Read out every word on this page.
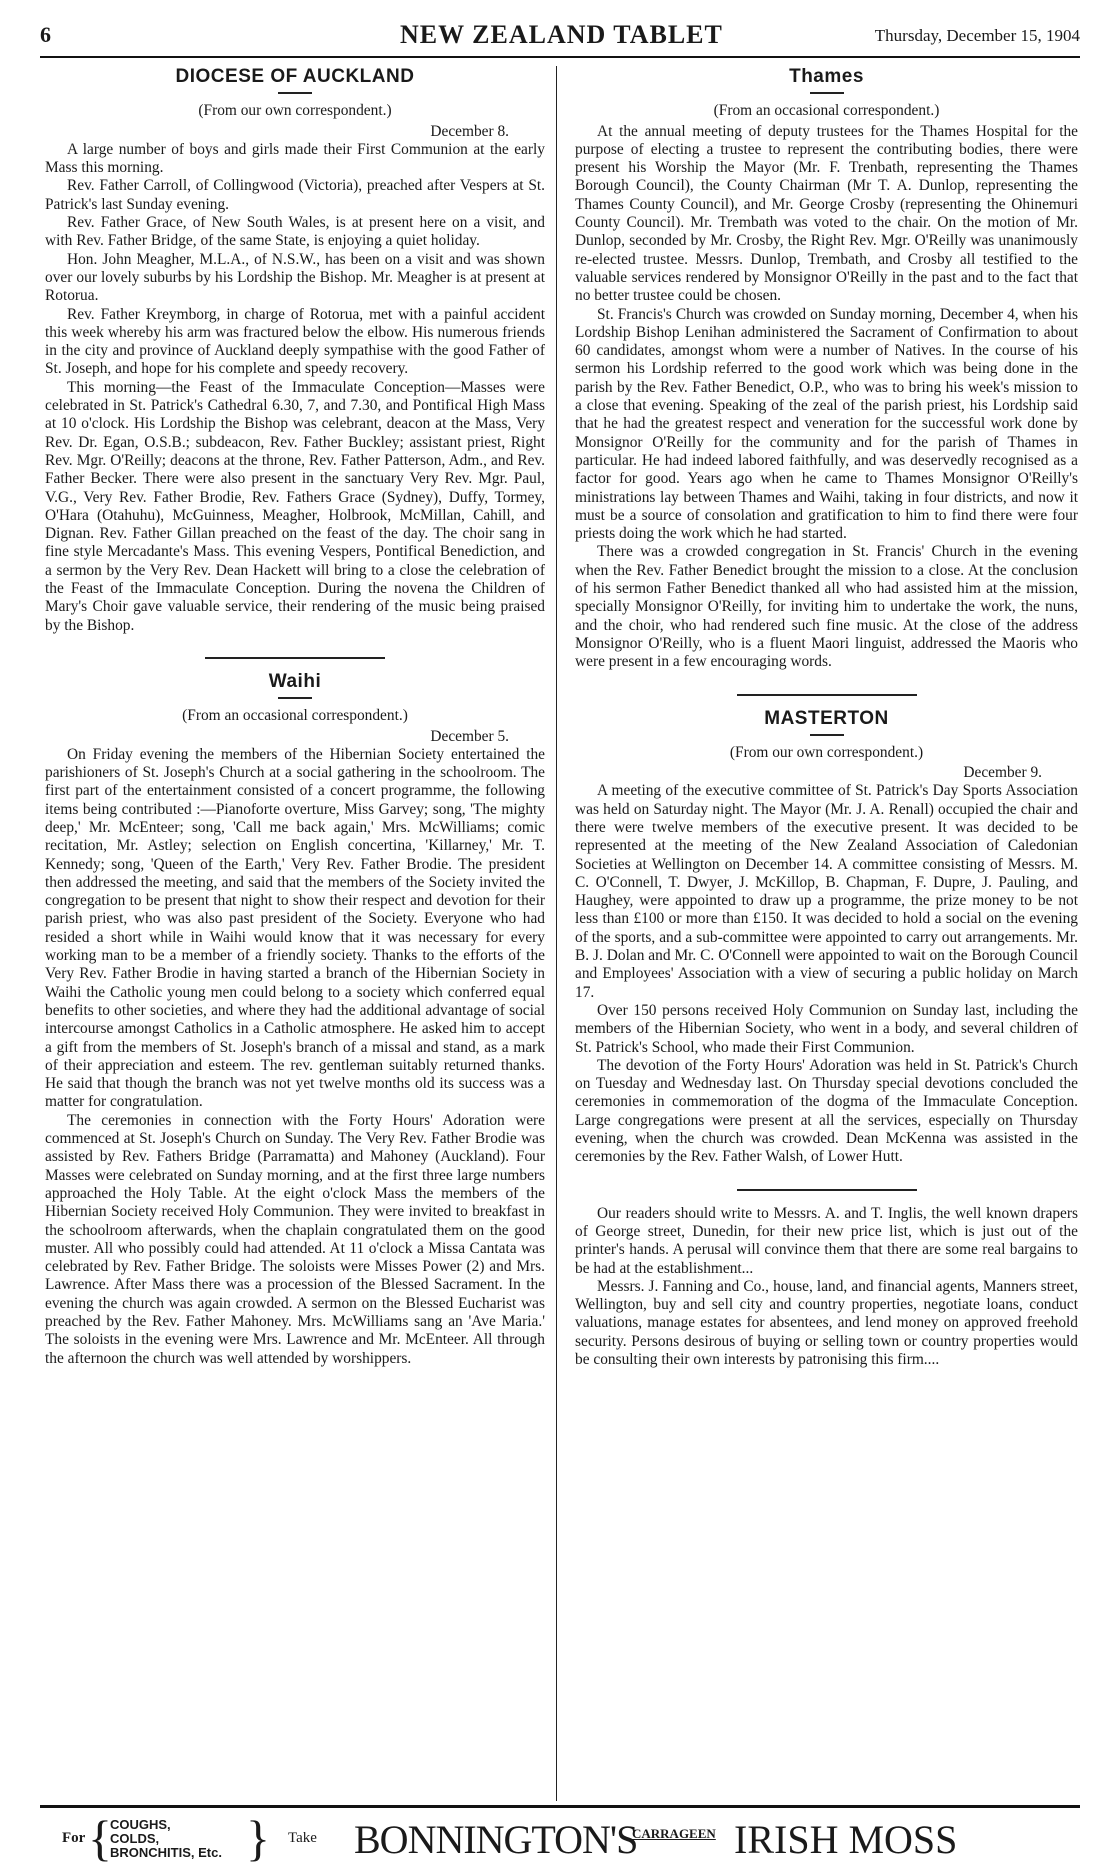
6	NEW ZEALAND TABLET	Thursday, December 15, 1904
DIOCESE OF AUCKLAND
(From our own correspondent.)
December 8.

A large number of boys and girls made their First Communion at the early Mass this morning.

Rev. Father Carroll, of Collingwood (Victoria), preached after Vespers at St. Patrick's last Sunday evening.

Rev. Father Grace, of New South Wales, is at present here on a visit, and with Rev. Father Bridge, of the same State, is enjoying a quiet holiday.

Hon. John Meagher, M.L.A., of N.S.W., has been on a visit and was shown over our lovely suburbs by his Lordship the Bishop. Mr. Meagher is at present at Rotorua.

Rev. Father Kreymborg, in charge of Rotorua, met with a painful accident this week whereby his arm was fractured below the elbow. His numerous friends in the city and province of Auckland deeply sympathise with the good Father of St. Joseph, and hope for his complete and speedy recovery.

This morning—the Feast of the Immaculate Conception—Masses were celebrated in St. Patrick's Cathedral 6.30, 7, and 7.30, and Pontifical High Mass at 10 o'clock. His Lordship the Bishop was celebrant, deacon at the Mass, Very Rev. Dr. Egan, O.S.B.; subdeacon, Rev. Father Buckley; assistant priest, Right Rev. Mgr. O'Reilly; deacons at the throne, Rev. Father Patterson, Adm., and Rev. Father Becker. There were also present in the sanctuary Very Rev. Mgr. Paul, V.G., Very Rev. Father Brodie, Rev. Fathers Grace (Sydney), Duffy, Tormey, O'Hara (Otahuhu), McGuinness, Meagher, Holbrook, McMillan, Cahill, and Dignan. Rev. Father Gillan preached on the feast of the day. The choir sang in fine style Mercadante's Mass. This evening Vespers, Pontifical Benediction, and a sermon by the Very Rev. Dean Hackett will bring to a close the celebration of the Feast of the Immaculate Conception. During the novena the Children of Mary's Choir gave valuable service, their rendering of the music being praised by the Bishop.

Waihi
(From an occasional correspondent.)
December 5.

On Friday evening the members of the Hibernian Society entertained the parishioners of St. Joseph's Church at a social gathering in the schoolroom. The first part of the entertainment consisted of a concert programme, the following items being contributed :—Pianoforte overture, Miss Garvey; song, 'The mighty deep,' Mr. McEnteer; song, 'Call me back again,' Mrs. McWilliams; comic recitation, Mr. Astley; selection on English concertina, 'Killarney,' Mr. T. Kennedy; song, 'Queen of the Earth,' Very Rev. Father Brodie. The president then addressed the meeting, and said that the members of the Society invited the congregation to be present that night to show their respect and devotion for their parish priest, who was also past president of the Society. Everyone who had resided a short while in Waihi would know that it was necessary for every working man to be a member of a friendly society. Thanks to the efforts of the Very Rev. Father Brodie in having started a branch of the Hibernian Society in Waihi the Catholic young men could belong to a society which conferred equal benefits to other societies, and where they had the additional advantage of social intercourse amongst Catholics in a Catholic atmosphere. He asked him to accept a gift from the members of St. Joseph's branch of a missal and stand, as a mark of their appreciation and esteem. The rev. gentleman suitably returned thanks. He said that though the branch was not yet twelve months old its success was a matter for congratulation.

The ceremonies in connection with the Forty Hours' Adoration were commenced at St. Joseph's Church on Sunday. The Very Rev. Father Brodie was assisted by Rev. Fathers Bridge (Parramatta) and Mahoney (Auckland). Four Masses were celebrated on Sunday morning, and at the first three large numbers approached the Holy Table. At the eight o'clock Mass the members of the Hibernian Society received Holy Communion. They were invited to breakfast in the schoolroom afterwards, when the chaplain congratulated them on the good muster. All who possibly could had attended. At 11 o'clock a Missa Cantata was celebrated by Rev. Father Bridge. The soloists were Misses Power (2) and Mrs. Lawrence. After Mass there was a procession of the Blessed Sacrament. In the evening the church was again crowded. A sermon on the Blessed Eucharist was preached by the Rev. Father Mahoney. Mrs. McWilliams sang an 'Ave Maria.' The soloists in the evening were Mrs. Lawrence and Mr. McEnteer. All through the afternoon the church was well attended by worshippers.

Thames
(From an occasional correspondent.)

At the annual meeting of deputy trustees for the Thames Hospital for the purpose of electing a trustee to represent the contributing bodies, there were present his Worship the Mayor (Mr. F. Trenbath, representing the Thames Borough Council), the County Chairman (Mr T. A. Dunlop, representing the Thames County Council), and Mr. George Crosby (representing the Ohinemuri County Council). Mr. Trembath was voted to the chair. On the motion of Mr. Dunlop, seconded by Mr. Crosby, the Right Rev. Mgr. O'Reilly was unanimously re-elected trustee. Messrs. Dunlop, Trembath, and Crosby all testified to the valuable services rendered by Monsignor O'Reilly in the past and to the fact that no better trustee could be chosen.

St. Francis's Church was crowded on Sunday morning, December 4, when his Lordship Bishop Lenihan administered the Sacrament of Confirmation to about 60 candidates, amongst whom were a number of Natives. In the course of his sermon his Lordship referred to the good work which was being done in the parish by the Rev. Father Benedict, O.P., who was to bring his week's mission to a close that evening. Speaking of the zeal of the parish priest, his Lordship said that he had the greatest respect and veneration for the successful work done by Monsignor O'Reilly for the community and for the parish of Thames in particular. He had indeed labored faithfully, and was deservedly recognised as a factor for good. Years ago when he came to Thames Monsignor O'Reilly's ministrations lay between Thames and Waihi, taking in four districts, and now it must be a source of consolation and gratification to him to find there were four priests doing the work which he had started.

There was a crowded congregation in St. Francis' Church in the evening when the Rev. Father Benedict brought the mission to a close. At the conclusion of his sermon Father Benedict thanked all who had assisted him at the mission, specially Monsignor O'Reilly, for inviting him to undertake the work, the nuns, and the choir, who had rendered such fine music. At the close of the address Monsignor O'Reilly, who is a fluent Maori linguist, addressed the Maoris who were present in a few encouraging words.

MASTERTON
(From our own correspondent.)
December 9.

A meeting of the executive committee of St. Patrick's Day Sports Association was held on Saturday night. The Mayor (Mr. J. A. Renall) occupied the chair and there were twelve members of the executive present. It was decided to be represented at the meeting of the New Zealand Association of Caledonian Societies at Wellington on December 14. A committee consisting of Messrs. M. C. O'Connell, T. Dwyer, J. McKillop, B. Chapman, F. Dupre, J. Pauling, and Haughey, were appointed to draw up a programme, the prize money to be not less than £100 or more than £150. It was decided to hold a social on the evening of the sports, and a sub-committee were appointed to carry out arrangements. Mr. B. J. Dolan and Mr. C. O'Connell were appointed to wait on the Borough Council and Employees' Association with a view of securing a public holiday on March 17.

Over 150 persons received Holy Communion on Sunday last, including the members of the Hibernian Society, who went in a body, and several children of St. Patrick's School, who made their First Communion.

The devotion of the Forty Hours' Adoration was held in St. Patrick's Church on Tuesday and Wednesday last. On Thursday special devotions concluded the ceremonies in commemoration of the dogma of the Immaculate Conception. Large congregations were present at all the services, especially on Thursday evening, when the church was crowded. Dean McKenna was assisted in the ceremonies by the Rev. Father Walsh, of Lower Hutt.

Our readers should write to Messrs. A. and T. Inglis, the well known drapers of George street, Dunedin, for their new price list, which is just out of the printer's hands. A perusal will convince them that there are some real bargains to be had at the establishment...

Messrs. J. Fanning and Co., house, land, and financial agents, Manners street, Wellington, buy and sell city and country properties, negotiate loans, conduct valuations, manage estates for absentees, and lend money on approved freehold security. Persons desirous of buying or selling town or country properties would be consulting their own interests by patronising this firm....

For {
COUGHS,
COLDS,
BRONCHITIS, Etc. } Take BONNINGTON'S
CARRAGEEN IRISH MOSS
